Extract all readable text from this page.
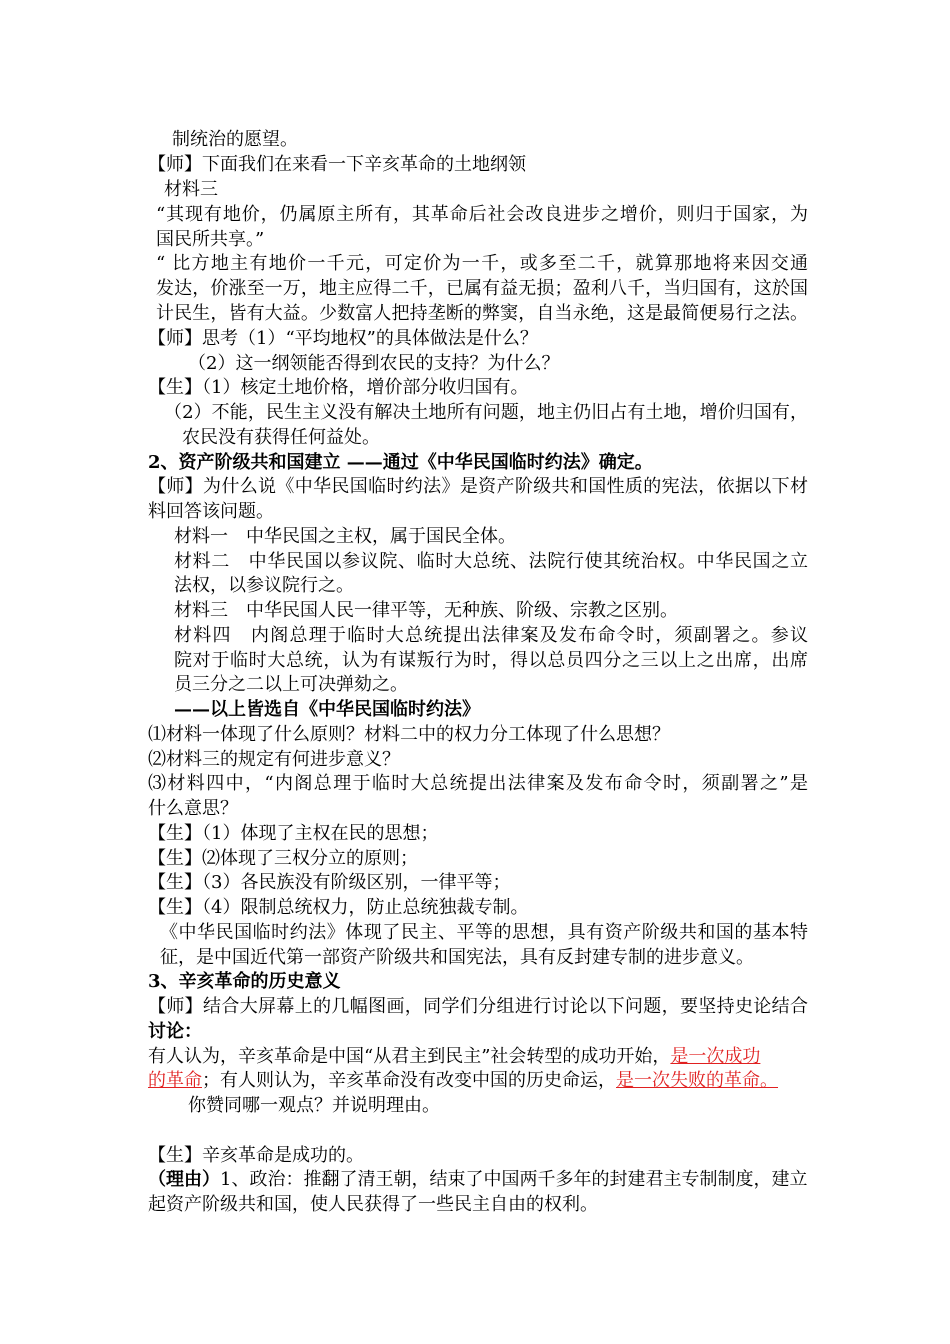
制统治的愿望。
【师】下面我们在来看一下辛亥革命的土地纲领
材料三
“其现有地价，仍属原主所有，其革命后社会改良进步之增价，则归于国家，为
国民所共享。”
“ 比方地主有地价一千元，可定价为一千，或多至二千，就算那地将来因交通
发达，价涨至一万，地主应得二千，已属有益无损；盈利八千，当归国有，这於国
计民生，皆有大益。少数富人把持垄断的弊窦，自当永绝，这是最简便易行之法。
【师】思考（1）“平均地权”的具体做法是什么？
（2）这一纲领能否得到农民的支持？为什么？
【生】（1）核定土地价格，增价部分收归国有。
（2）不能，民生主义没有解决土地所有问题，地主仍旧占有土地，增价归国有，
农民没有获得任何益处。
2、资产阶级共和国建立 ——通过《中华民国临时约法》确定。
【师】为什么说《中华民国临时约法》是资产阶级共和国性质的宪法，依据以下材
料回答该问题。
材料一　中华民国之主权，属于国民全体。
材料二　中华民国以参议院、临时大总统、法院行使其统治权。中华民国之立
法权，以参议院行之。
材料三　中华民国人民一律平等，无种族、阶级、宗教之区别。
材料四　内阁总理于临时大总统提出法律案及发布命令时，须副署之。参议
院对于临时大总统，认为有谋叛行为时，得以总员四分之三以上之出席，出席
员三分之二以上可决弹劾之。
——以上皆选自《中华民国临时约法》
⑴材料一体现了什么原则？材料二中的权力分工体现了什么思想？
⑵材料三的规定有何进步意义？
⑶材料四中，“内阁总理于临时大总统提出法律案及发布命令时，须副署之”是
什么意思？
【生】（1）体现了主权在民的思想；
【生】⑵体现了三权分立的原则；
【生】（3）各民族没有阶级区别，一律平等；
【生】（4）限制总统权力，防止总统独裁专制。
《中华民国临时约法》体现了民主、平等的思想，具有资产阶级共和国的基本特
征，是中国近代第一部资产阶级共和国宪法，具有反封建专制的进步意义。
3、辛亥革命的历史意义
【师】结合大屏幕上的几幅图画，同学们分组进行讨论以下问题，要坚持史论结合
讨论：
有人认为，辛亥革命是中国“从君主到民主”社会转型的成功开始，是一次成功
的革命；有人则认为，辛亥革命没有改变中国的历史命运，是一次失败的革命。
你赞同哪一观点？并说明理由。
【生】辛亥革命是成功的。
（理由）1、政治：推翻了清王朝，结束了中国两千多年的封建君主专制制度，建立
起资产阶级共和国，使人民获得了一些民主自由的权利。
